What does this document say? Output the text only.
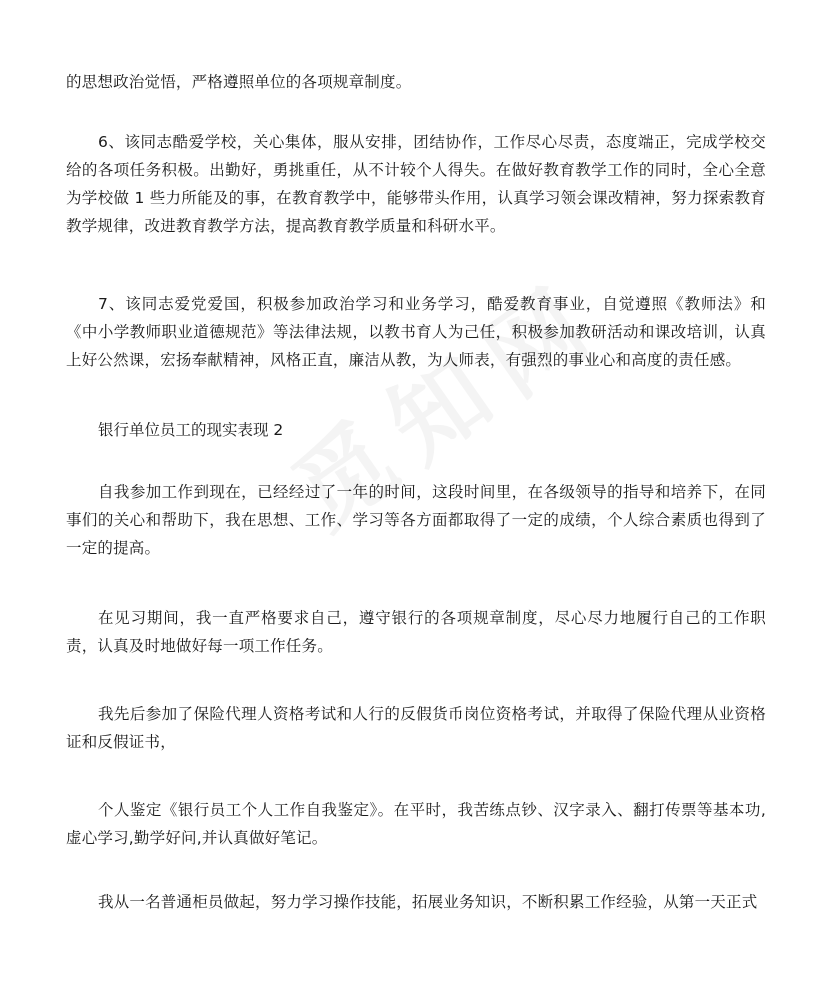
的思想政治觉悟，严格遵照单位的各项规章制度。

6、该同志酷爱学校，关心集体，服从安排，团结协作，工作尽心尽责，态度端正，完成学校交给的各项任务积极。出勤好，勇挑重任，从不计较个人得失。在做好教育教学工作的同时，全心全意为学校做 1 些力所能及的事，在教育教学中，能够带头作用，认真学习领会课改精神，努力探索教育教学规律，改进教育教学方法，提高教育教学质量和科研水平。

7、该同志爱党爱国，积极参加政治学习和业务学习，酷爱教育事业，自觉遵照《教师法》和《中小学教师职业道德规范》等法律法规，以教书育人为己任，积极参加教研活动和课改培训，认真上好公然课，宏扬奉献精神，风格正直，廉洁从教，为人师表，有强烈的事业心和高度的责任感。

银行单位员工的现实表现 2

自我参加工作到现在，已经经过了一年的时间，这段时间里，在各级领导的指导和培养下，在同事们的关心和帮助下，我在思想、工作、学习等各方面都取得了一定的成绩，个人综合素质也得到了一定的提高。

在见习期间，我一直严格要求自己，遵守银行的各项规章制度，尽心尽力地履行自己的工作职责，认真及时地做好每一项工作任务。

我先后参加了保险代理人资格考试和人行的反假货币岗位资格考试，并取得了保险代理从业资格证和反假证书，

个人鉴定《银行员工个人工作自我鉴定》。在平时，我苦练点钞、汉字录入、翻打传票等基本功,虚心学习,勤学好问,并认真做好笔记。

我从一名普通柜员做起，努力学习操作技能，拓展业务知识，不断积累工作经验，从第一天正式
